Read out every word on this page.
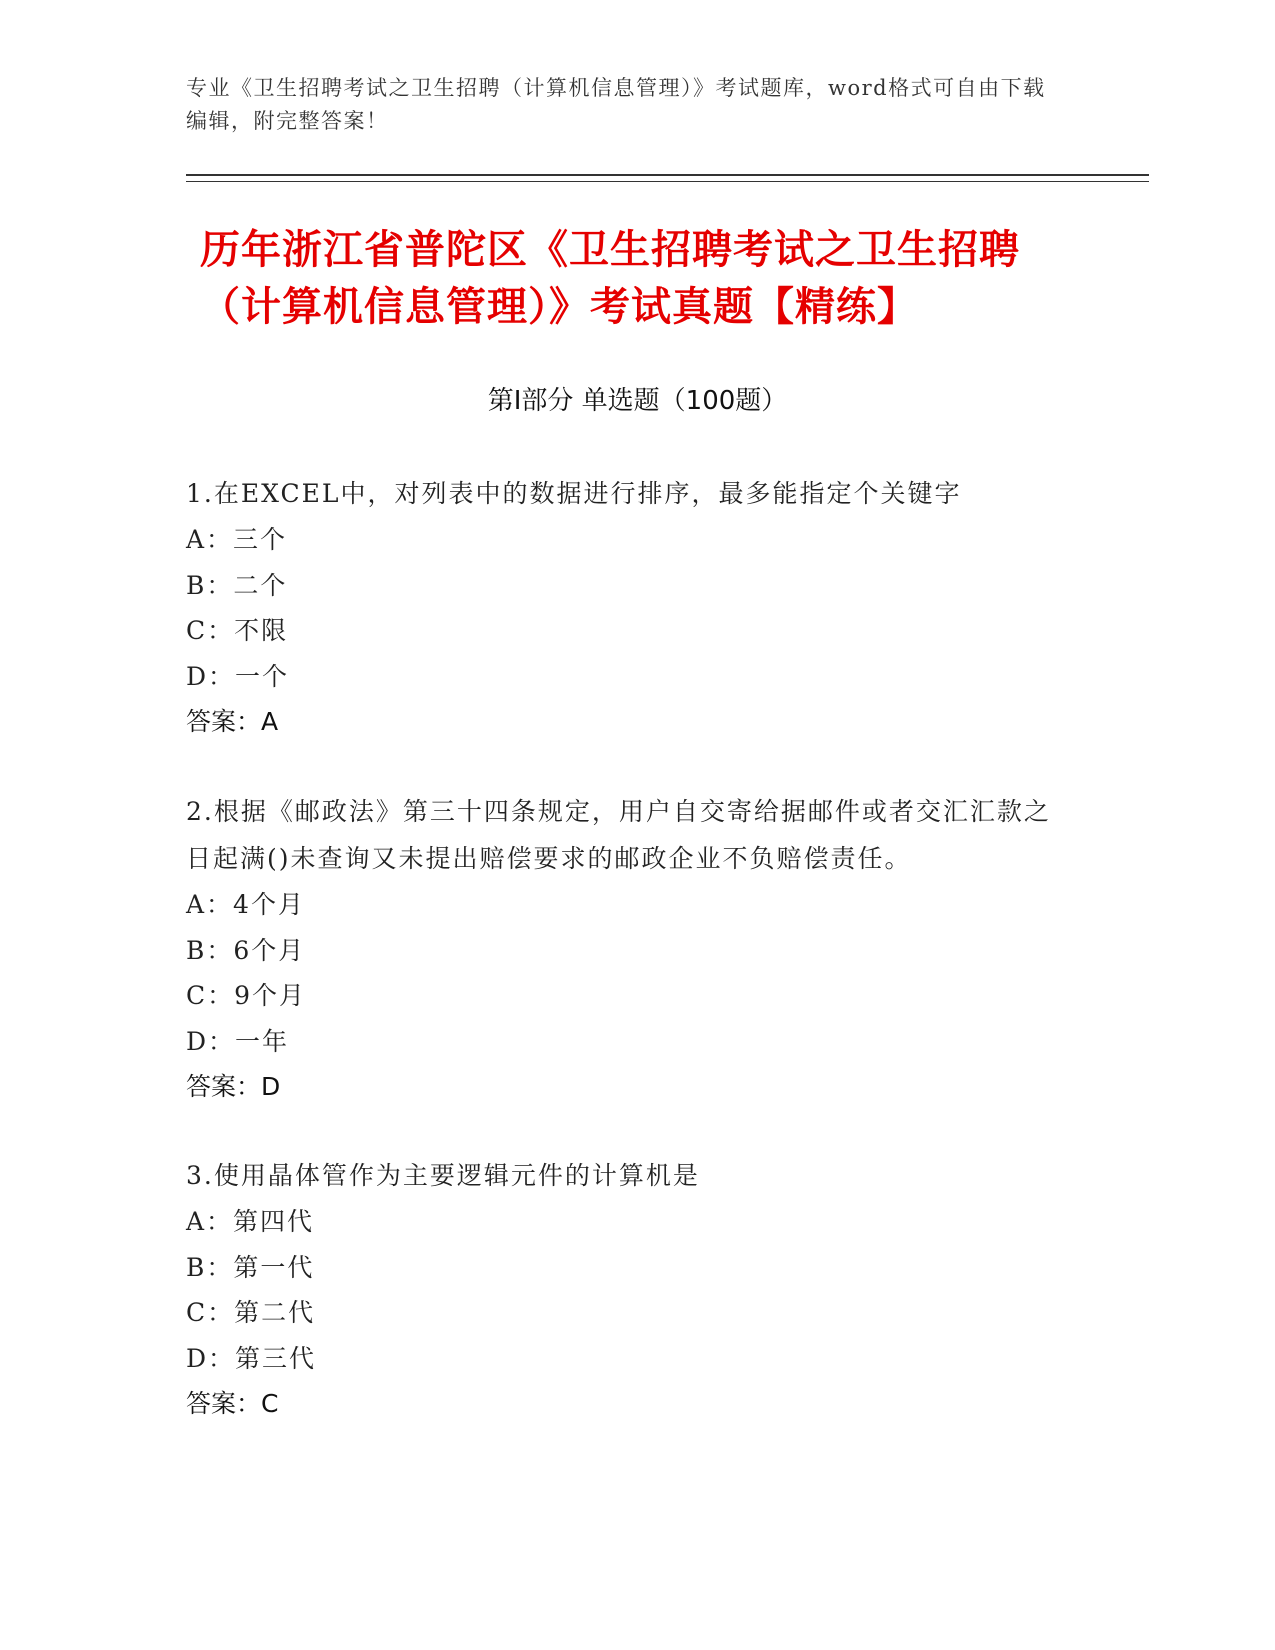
专业《卫生招聘考试之卫生招聘（计算机信息管理）》考试题库，word格式可自由下载编辑，附完整答案！
历年浙江省普陀区《卫生招聘考试之卫生招聘（计算机信息管理）》考试真题【精练】
第I部分 单选题（100题）
1.在EXCEL中，对列表中的数据进行排序，最多能指定个关键字
A：三个
B：二个
C：不限
D：一个
答案：A
2.根据《邮政法》第三十四条规定，用户自交寄给据邮件或者交汇汇款之日起满()未查询又未提出赔偿要求的邮政企业不负赔偿责任。
A：4个月
B：6个月
C：9个月
D：一年
答案：D
3.使用晶体管作为主要逻辑元件的计算机是
A：第四代
B：第一代
C：第二代
D：第三代
答案：C
